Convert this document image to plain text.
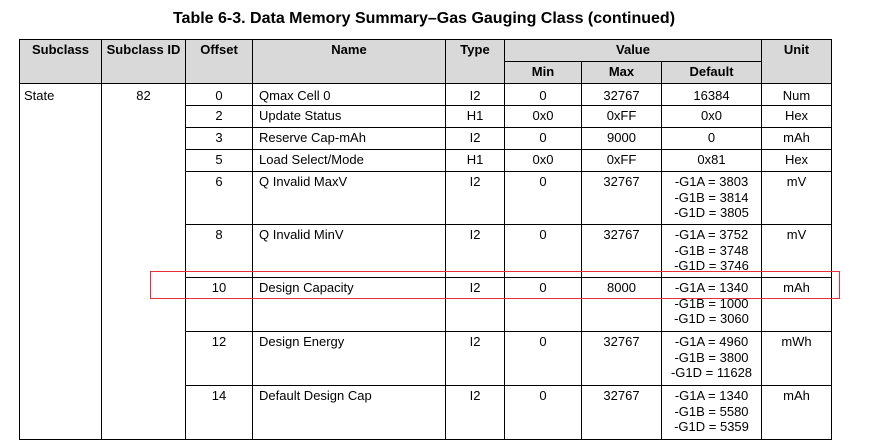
Table 6-3. Data Memory Summary–Gas Gauging Class (continued)
Subclass	Subclass ID	Offset	Name	Type	Value			Unit
					Min	Max	Default	
State	82	0	Qmax Cell 0	I2	0	32767	16384	Num
		2	Update Status	H1	0x0	0xFF	0x0	Hex
		3	Reserve Cap-mAh	I2	0	9000	0	mAh
		5	Load Select/Mode	H1	0x0	0xFF	0x81	Hex
		6	Q Invalid MaxV	I2	0	32767	-G1A = 3803
-G1B = 3814
-G1D = 3805	mV
		8	Q Invalid MinV	I2	0	32767	-G1A = 3752
-G1B = 3748
-G1D = 3746	mV
		10	Design Capacity	I2	0	8000	-G1A = 1340
-G1B = 1000
-G1D = 3060	mAh
		12	Design Energy	I2	0	32767	-G1A = 4960
-G1B = 3800
-G1D = 11628	mWh
		14	Default Design Cap	I2	0	32767	-G1A = 1340
-G1B = 5580
-G1D = 5359	mAh
